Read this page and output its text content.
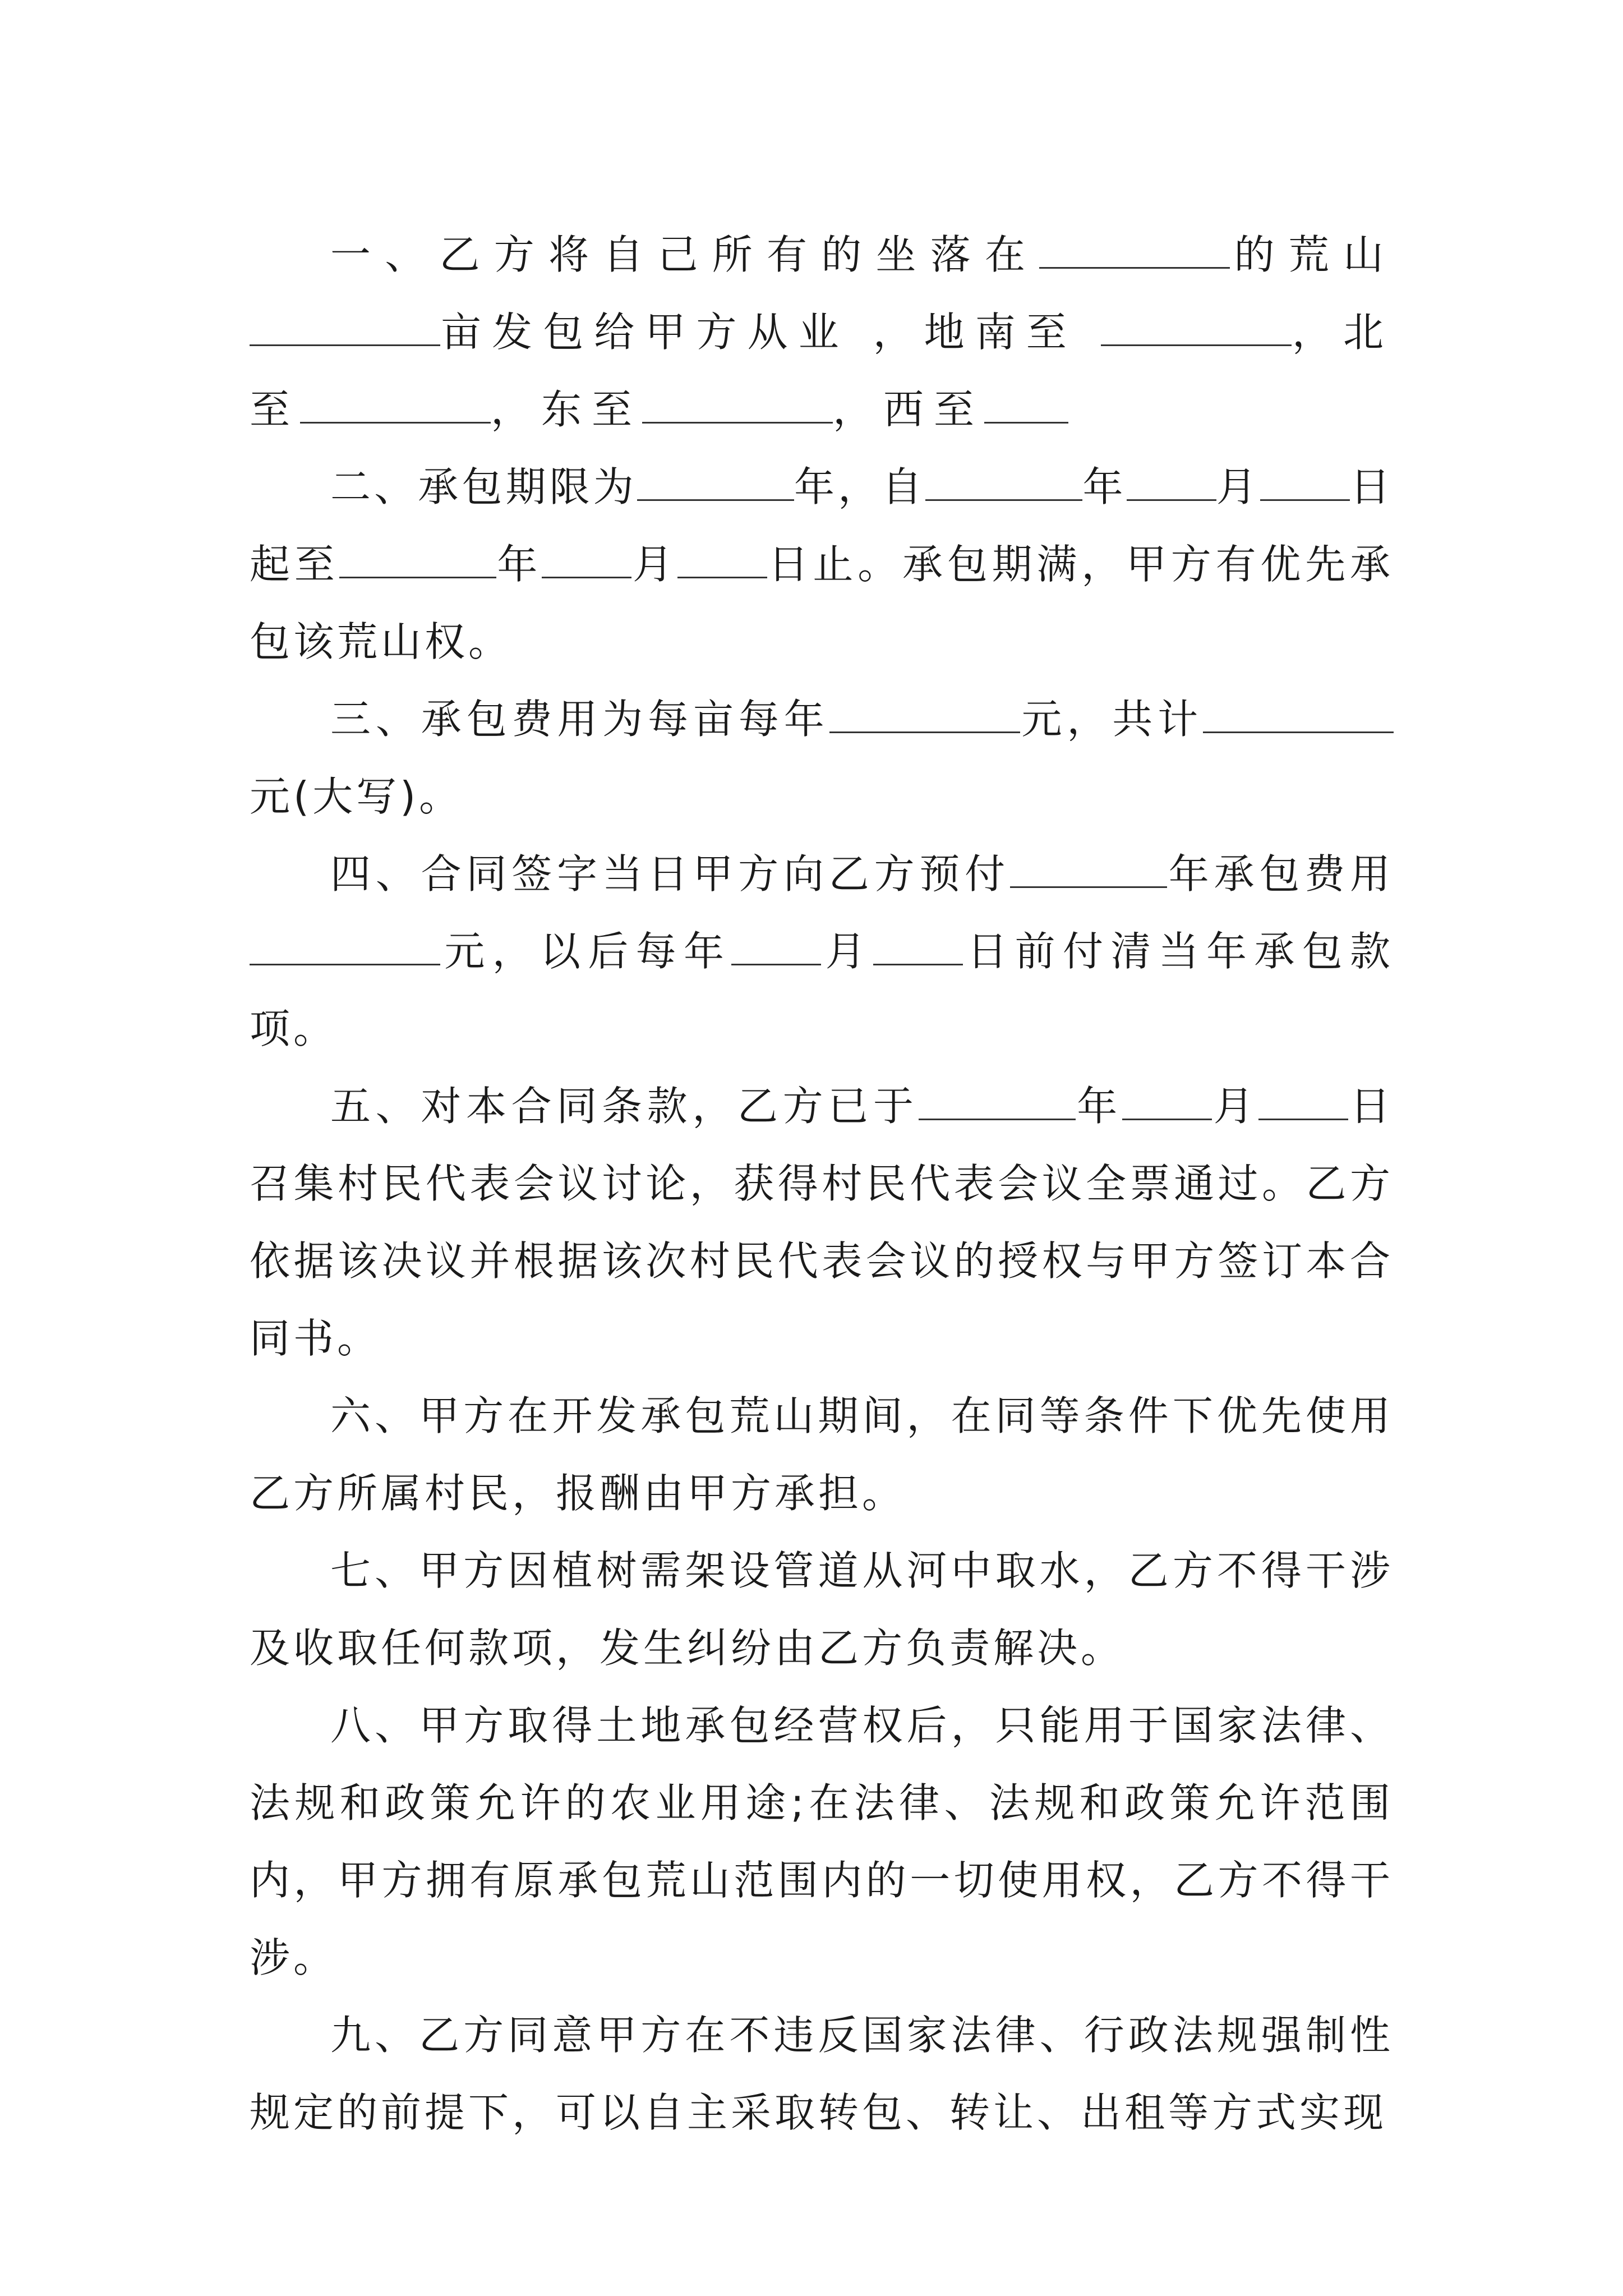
一、乙方将自己所有的坐落在	的荒山亩发包给甲方从业 ，地南至	，北至	，东至	，西至

二、承包期限为	年，自	年 月 日起至	年 月 日止。承包期满，甲方有优先承包该荒山权。

三、承包费用为每亩每年	元，共计元(大写)。

四、合同签字当日甲方向乙方预付	年承包费用元，以后每年 月 日前付清当年承包款项。

五、对本合同条款，乙方已于	年 月 日召集村民代表会议讨论，获得村民代表会议全票通过。乙方依据该决议并根据该次村民代表会议的授权与甲方签订本合同书。

六、甲方在开发承包荒山期间，在同等条件下优先使用乙方所属村民，报酬由甲方承担。

七、甲方因植树需架设管道从河中取水，乙方不得干涉及收取任何款项，发生纠纷由乙方负责解决。

八、甲方取得土地承包经营权后，只能用于国家法律、法规和政策允许的农业用途;在法律、法规和政策允许范围内，甲方拥有原承包荒山范围内的一切使用权，乙方不得干涉。

九、乙方同意甲方在不违反国家法律、行政法规强制性规定的前提下，可以自主采取转包、转让、出租等方式实现
